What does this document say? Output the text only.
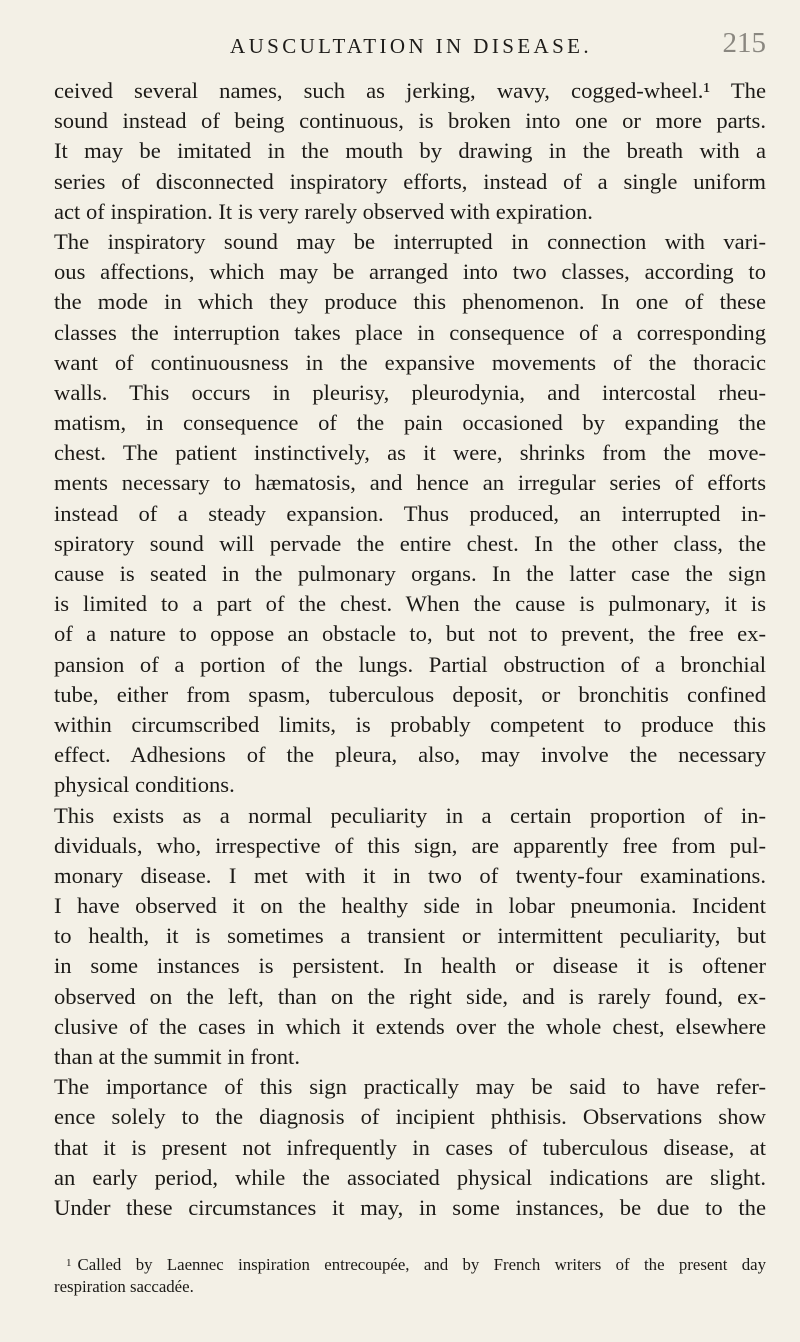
AUSCULTATION IN DISEASE.	215
ceived several names, such as jerking, wavy, cogged-wheel.¹ The
sound instead of being continuous, is broken into one or more parts.
It may be imitated in the mouth by drawing in the breath with a
series of disconnected inspiratory efforts, instead of a single uniform
act of inspiration. It is very rarely observed with expiration.
The inspiratory sound may be interrupted in connection with vari-
ous affections, which may be arranged into two classes, according to
the mode in which they produce this phenomenon. In one of these
classes the interruption takes place in consequence of a corresponding
want of continuousness in the expansive movements of the thoracic
walls. This occurs in pleurisy, pleurodynia, and intercostal rheu-
matism, in consequence of the pain occasioned by expanding the
chest. The patient instinctively, as it were, shrinks from the move-
ments necessary to hæmatosis, and hence an irregular series of efforts
instead of a steady expansion. Thus produced, an interrupted in-
spiratory sound will pervade the entire chest. In the other class, the
cause is seated in the pulmonary organs. In the latter case the sign
is limited to a part of the chest. When the cause is pulmonary, it is
of a nature to oppose an obstacle to, but not to prevent, the free ex-
pansion of a portion of the lungs. Partial obstruction of a bronchial
tube, either from spasm, tuberculous deposit, or bronchitis confined
within circumscribed limits, is probably competent to produce this
effect. Adhesions of the pleura, also, may involve the necessary
physical conditions.
This exists as a normal peculiarity in a certain proportion of in-
dividuals, who, irrespective of this sign, are apparently free from pul-
monary disease. I met with it in two of twenty-four examinations.
I have observed it on the healthy side in lobar pneumonia. Incident
to health, it is sometimes a transient or intermittent peculiarity, but
in some instances is persistent. In health or disease it is oftener
observed on the left, than on the right side, and is rarely found, ex-
clusive of the cases in which it extends over the whole chest, elsewhere
than at the summit in front.
The importance of this sign practically may be said to have refer-
ence solely to the diagnosis of incipient phthisis. Observations show
that it is present not infrequently in cases of tuberculous disease, at
an early period, while the associated physical indications are slight.
Under these circumstances it may, in some instances, be due to the
$^1$ Called by Laennec inspiration entrecoupée, and by French writers of the present day
respiration saccadée.
